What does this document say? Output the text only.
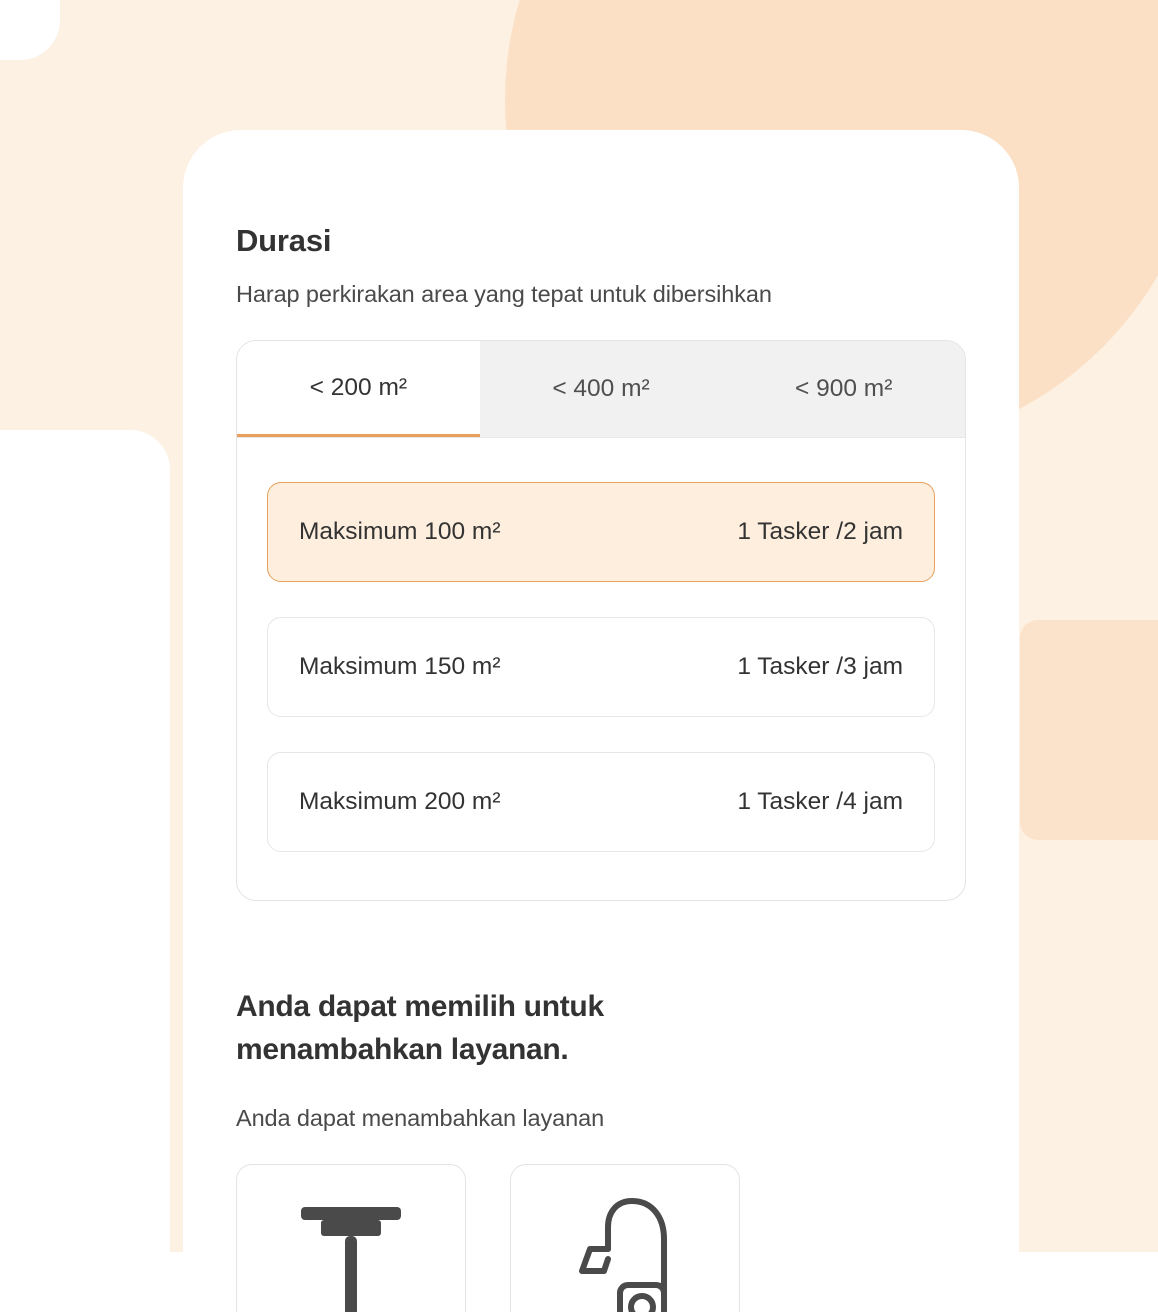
Durasi
Harap perkirakan area yang tepat untuk dibersihkan
< 200 m²	< 400 m²	< 900 m²
Maksimum 100 m²	1 Tasker /2 jam
Maksimum 150 m²	1 Tasker /3 jam
Maksimum 200 m²	1 Tasker /4 jam
Anda dapat memilih untuk menambahkan layanan.
Anda dapat menambahkan layanan
